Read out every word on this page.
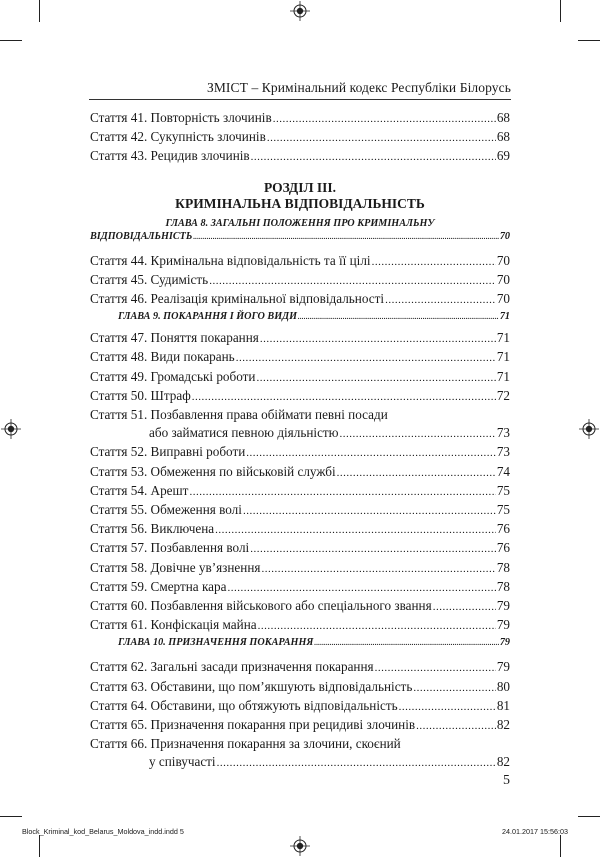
ЗМІСТ – Кримінальний кодекс Республіки Білорусь
Стаття 41. Повторність злочинів .....	68
Стаття 42. Сукупність злочинів .....	68
Стаття 43. Рецидив злочинів .....	69
РОЗДІЛ ІІІ.
КРИМІНАЛЬНА ВІДПОВІДАЛЬНІСТЬ
ГЛАВА 8. ЗАГАЛЬНІ ПОЛОЖЕННЯ ПРО КРИМІНАЛЬНУ
ВІДПОВІДАЛЬНІСТЬ .....	70
Стаття 44. Кримінальна відповідальність та її цілі .....	70
Стаття 45. Судимість .....	70
Стаття 46. Реалізація кримінальної відповідальності .....	70
ГЛАВА 9. ПОКАРАННЯ І ЙОГО ВИДИ .....	71
Стаття 47. Поняття покарання .....	71
Стаття 48. Види покарань .....	71
Стаття 49. Громадські роботи .....	71
Стаття 50. Штраф .....	72
Стаття 51. Позбавлення права обіймати певні посади
або займатися певною діяльністю .....	73
Стаття 52. Виправні роботи .....	73
Стаття 53. Обмеження по військовій службі .....	74
Стаття 54. Арешт .....	75
Стаття 55. Обмеження волі .....	75
Стаття 56. Виключена .....	76
Стаття 57. Позбавлення волі .....	76
Стаття 58. Довічне ув’язнення .....	78
Стаття 59. Смертна кара .....	78
Стаття 60. Позбавлення військового або спеціального звання .....	79
Стаття 61. Конфіскація майна .....	79
ГЛАВА 10. ПРИЗНАЧЕННЯ ПОКАРАННЯ .....	79
Стаття 62. Загальні засади призначення покарання .....	79
Стаття 63. Обставини, що пом’якшують відповідальність .....	80
Стаття 64. Обставини, що обтяжують відповідальність .....	81
Стаття 65. Призначення покарання при рецидиві злочинів .....	82
Стаття 66. Призначення покарання за злочини, скоєний
у співучасті .....	82
5
Block_Kriminal_kod_Belarus_Moldova_indd.indd 5	24.01.2017 15:56:03
